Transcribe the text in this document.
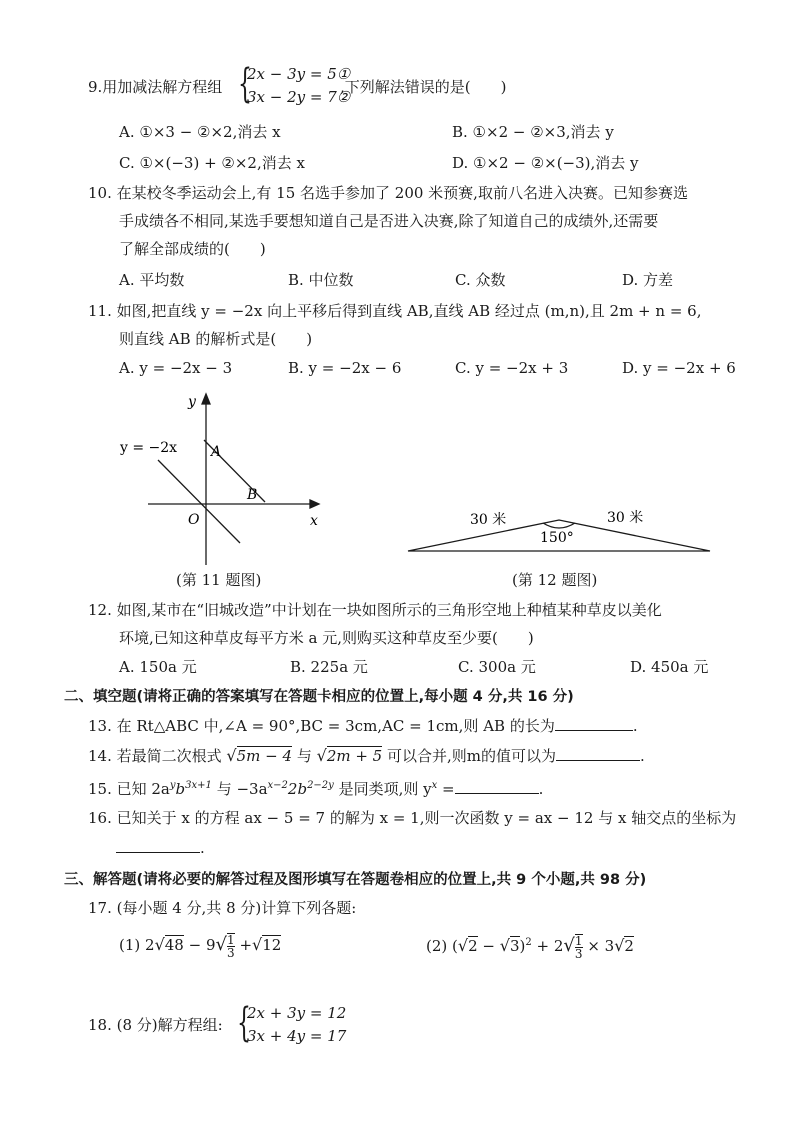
9.用加减法解方程组 {
2x − 3y = 5①
3x − 2y = 7②
,下列解法错误的是(　　)
A. ①×3 − ②×2,消去 x	B. ①×2 − ②×3,消去 y
C. ①×(−3) + ②×2,消去 x	D. ①×2 − ②×(−3),消去 y
10. 在某校冬季运动会上,有 15 名选手参加了 200 米预赛,取前八名进入决赛。已知参赛选
手成绩各不相同,某选手要想知道自己是否进入决赛,除了知道自己的成绩外,还需要
了解全部成绩的(　　)
A. 平均数	B. 中位数	C. 众数	D. 方差
11. 如图,把直线 y = −2x 向上平移后得到直线 AB,直线 AB 经过点 (m,n),且 2m + n = 6,
则直线 AB 的解析式是(　　)
A. y = −2x − 3	B. y = −2x − 6	C. y = −2x + 3	D. y = −2x + 6
y = −2x
y
x
O
A
B
(第 11 题图)
30 米	30 米
150°
(第 12 题图)
12. 如图,某市在“旧城改造”中计划在一块如图所示的三角形空地上种植某种草皮以美化
环境,已知这种草皮每平方米 a 元,则购买这种草皮至少要(　　)
A. 150a 元	B. 225a 元	C. 300a 元	D. 450a 元
二、填空题(请将正确的答案填写在答题卡相应的位置上,每小题 4 分,共 16 分)
13. 在 Rt△ABC 中,∠A = 90°,BC = 3cm,AC = 1cm,则 AB 的长为	.
14. 若最简二次根式 √5m − 4 与 √2m + 5 可以合并,则m的值可以为	.
15. 已知 $2a^yb^{3x+1}$ 与 $-3a^{x-2}2b^{2-2y}$ 是同类项,则 $y^x$ =	.
16. 已知关于 x 的方程 ax − 5 = 7 的解为 x = 1,则一次函数 y = ax − 12 与 x 轴交点的坐标为
.
三、解答题(请将必要的解答过程及图形填写在答题卷相应的位置上,共 9 个小题,共 98 分)
17. (每小题 4 分,共 8 分)计算下列各题:
(1) $2√48 - 9√ \frac{1}{3} +√12$	(2) $(√2 - √3)^2 + 2√ \frac{1}{3} \times 3√2$
18. (8 分)解方程组: {
2x + 3y = 12
3x + 4y = 17
